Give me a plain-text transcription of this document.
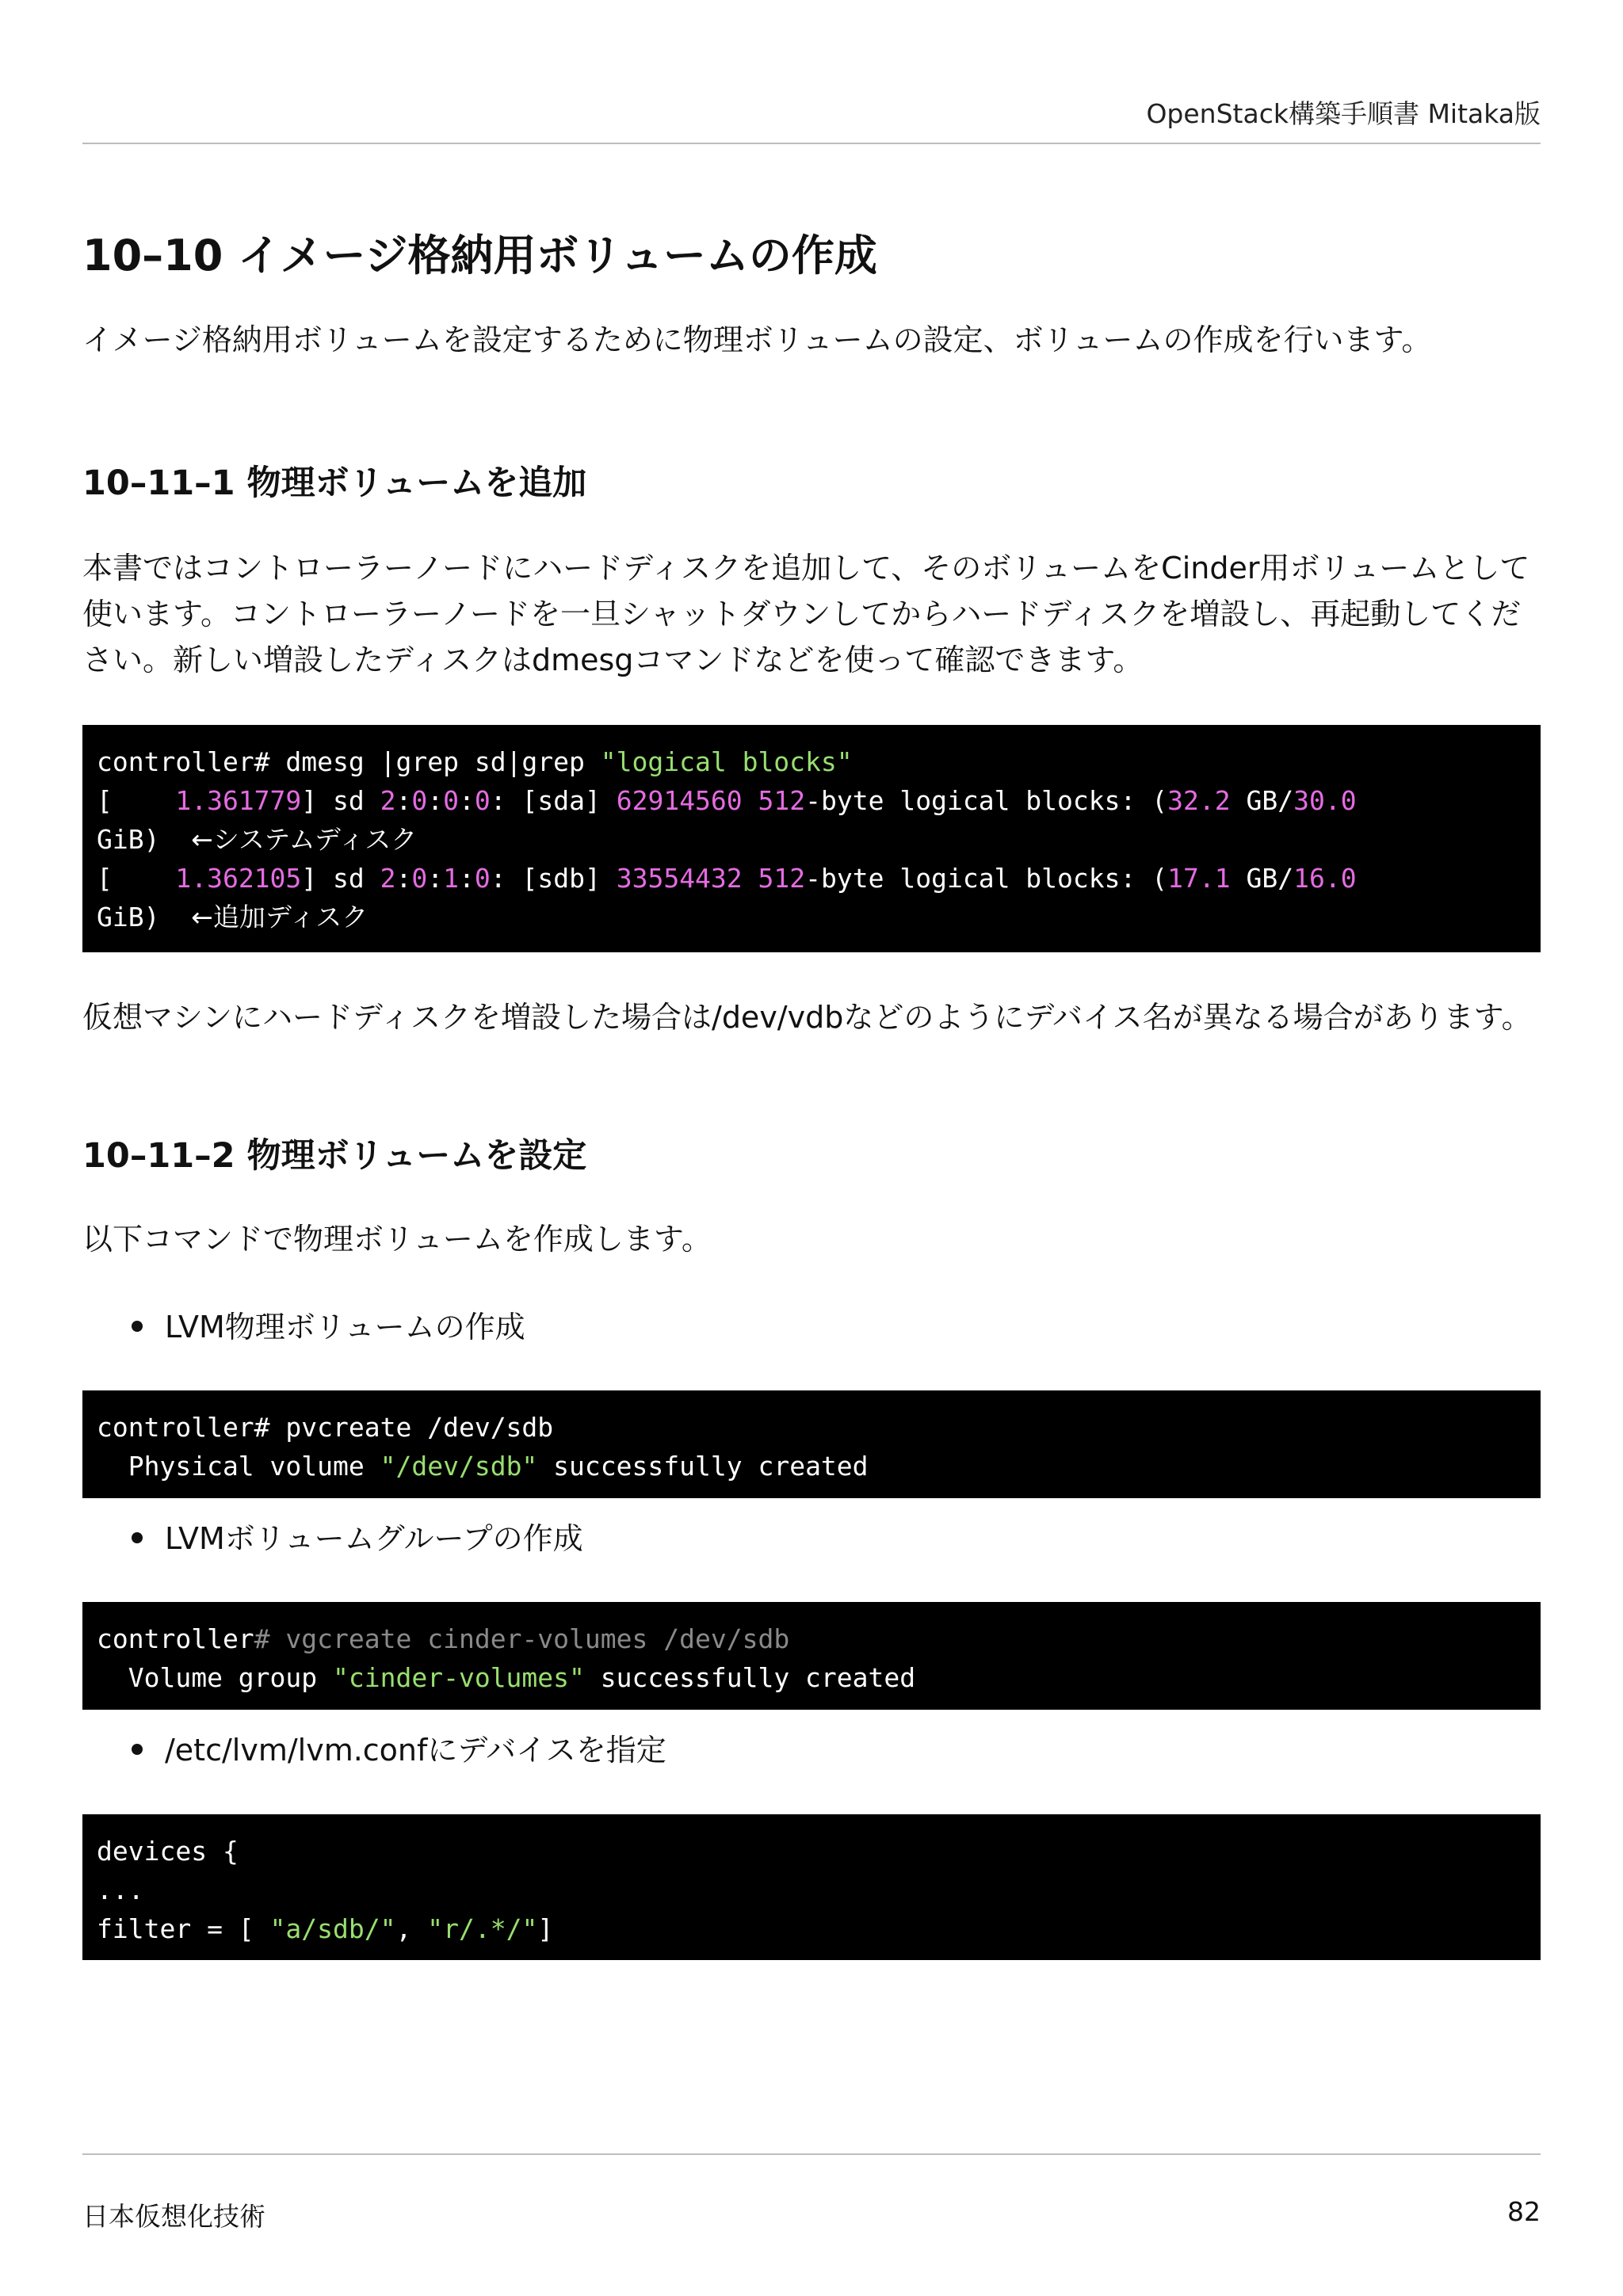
OpenStack構築手順書 Mitaka版
10–10 イメージ格納用ボリュームの作成

イメージ格納用ボリュームを設定するために物理ボリュームの設定、ボリュームの作成を行います。

10–11–1 物理ボリュームを追加

本書ではコントローラーノードにハードディスクを追加して、そのボリュームをCinder用ボリュームとして使います。コントローラーノードを一旦シャットダウンしてからハードディスクを増設し、再起動してください。新しい増設したディスクはdmesgコマンドなどを使って確認できます。

controller# dmesg |grep sd|grep "logical blocks"
[    1.361779] sd 2:0:0:0: [sda] 62914560 512-byte logical blocks: (32.2 GB/30.0
GiB)  ←システムディスク
[    1.362105] sd 2:0:1:0: [sdb] 33554432 512-byte logical blocks: (17.1 GB/16.0
GiB)  ←追加ディスク

仮想マシンにハードディスクを増設した場合は/dev/vdbなどのようにデバイス名が異なる場合があります。

10–11–2 物理ボリュームを設定

以下コマンドで物理ボリュームを作成します。

LVM物理ボリュームの作成
controller# pvcreate /dev/sdb
Physical volume "/dev/sdb" successfully created
LVMボリュームグループの作成
controller# vgcreate cinder-volumes /dev/sdb
Volume group "cinder-volumes" successfully created
/etc/lvm/lvm.confにデバイスを指定
devices {
...
filter = [ "a/sdb/", "r/.*/"]
日本仮想化技術	82
